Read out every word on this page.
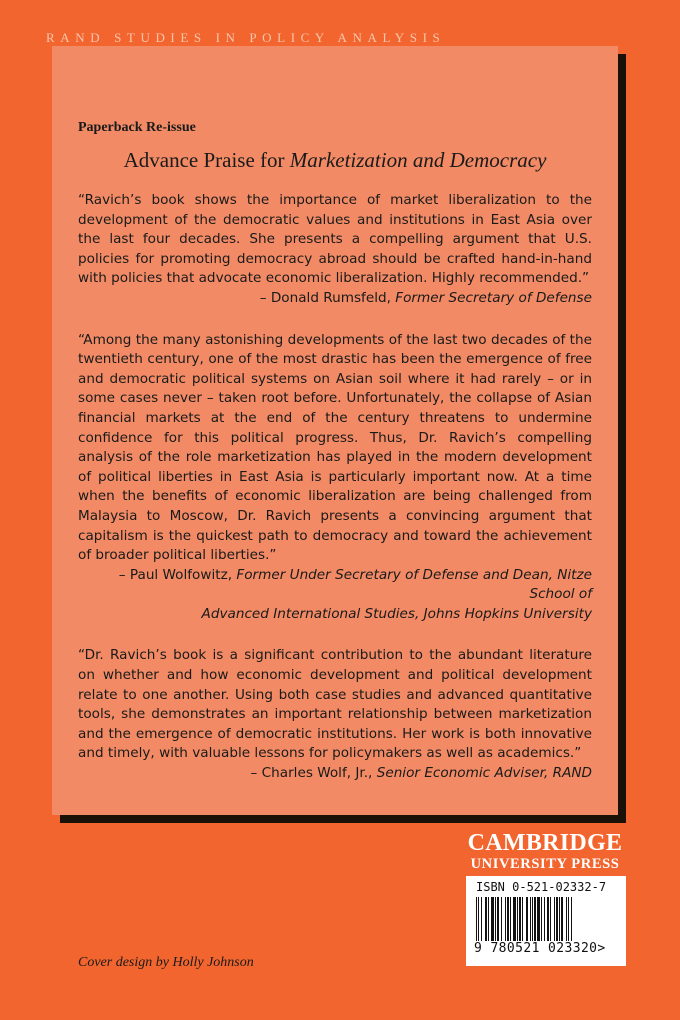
RAND STUDIES IN POLICY ANALYSIS

Paperback Re-issue

Advance Praise for Marketization and Democracy

“Ravich’s book shows the importance of market liberalization to the development of the democratic values and institutions in East Asia over the last four decades. She presents a compelling argument that U.S. policies for promoting democracy abroad should be crafted hand-in-hand with policies that advocate economic liberalization. Highly recommended.”

– Donald Rumsfeld, Former Secretary of Defense

“Among the many astonishing developments of the last two decades of the twentieth century, one of the most drastic has been the emergence of free and democratic political systems on Asian soil where it had rarely – or in some cases never – taken root before. Unfortunately, the collapse of Asian financial markets at the end of the century threatens to undermine confidence for this political progress. Thus, Dr. Ravich’s compelling analysis of the role marketization has played in the modern development of political liberties in East Asia is particularly important now. At a time when the benefits of economic liberalization are being challenged from Malaysia to Moscow, Dr. Ravich presents a convincing argument that capitalism is the quickest path to democracy and toward the achievement of broader political liberties.”

– Paul Wolfowitz, Former Under Secretary of Defense and Dean, Nitze School of
Advanced International Studies, Johns Hopkins University

“Dr. Ravich’s book is a significant contribution to the abundant literature on whether and how economic development and political development relate to one another. Using both case studies and advanced quantitative tools, she demonstrates an important relationship between marketization and the emergence of democratic institutions. Her work is both innovative and timely, with valuable lessons for policymakers as well as academics.”

– Charles Wolf, Jr., Senior Economic Adviser, RAND

CAMBRIDGE
UNIVERSITY PRESS
ISBN 0-521-02332-7
9 780521 023320>
Cover design by Holly Johnson
